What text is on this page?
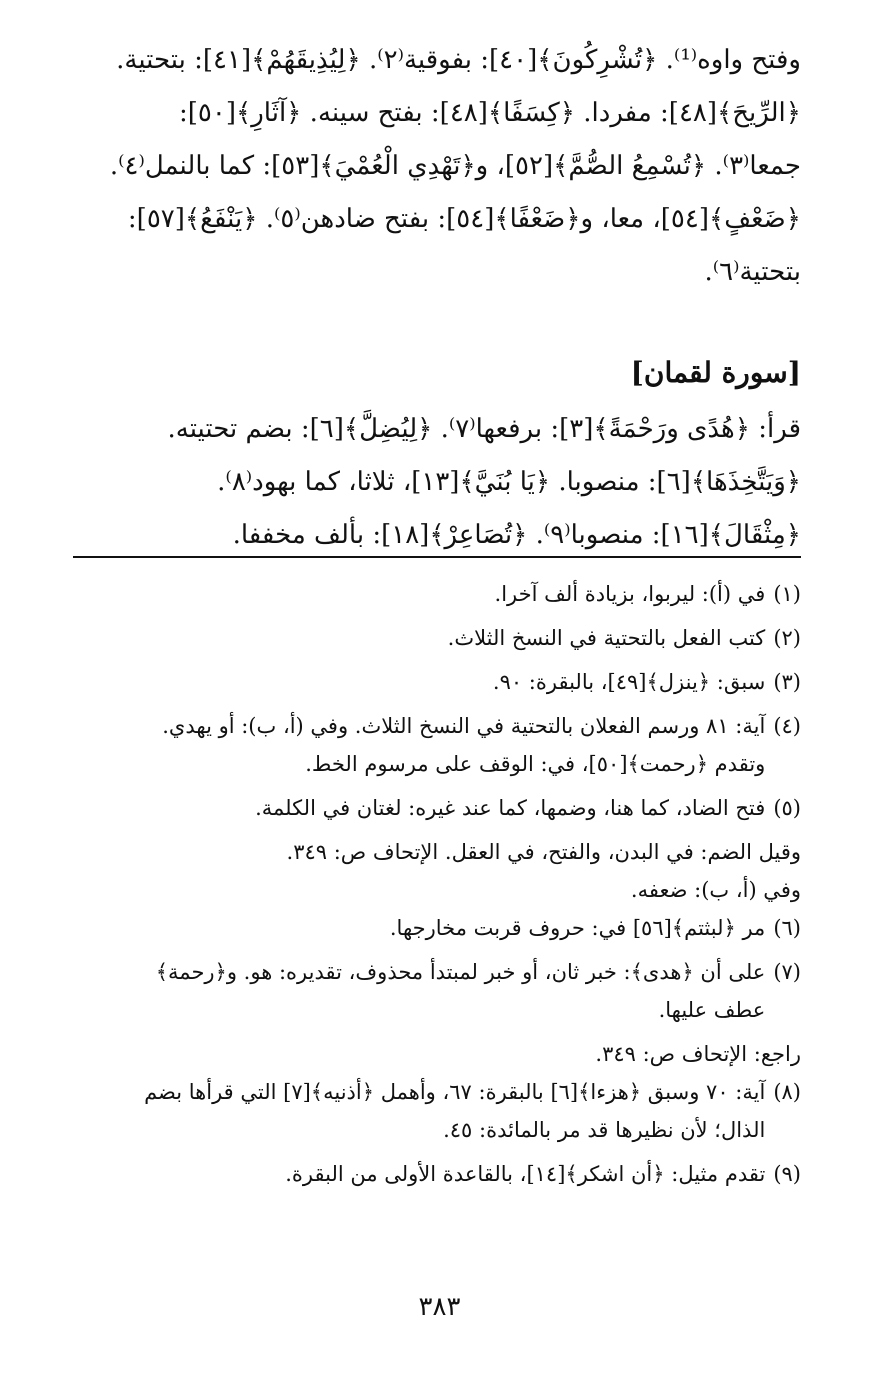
وفتح واوه⁽¹⁾. ﴿تُشْرِكُونَ﴾[٤٠]: بفوقية⁽٢⁾. ﴿لِيُذِيقَهُمْ﴾[٤١]: بتحتية.

﴿الرِّيحَ﴾[٤٨]: مفردا. ﴿كِسَفًا﴾[٤٨]: بفتح سينه. ﴿آثَارِ﴾[٥٠]:

جمعا⁽٣⁾. ﴿تُسْمِعُ الصُّمَّ﴾[٥٢]، و﴿تَهْدِي الْعُمْيَ﴾[٥٣]: كما بالنمل⁽٤⁾.

﴿ضَعْفٍ﴾[٥٤]، معا، و﴿ضَعْفًا﴾[٥٤]: بفتح ضادهن⁽٥⁾. ﴿يَنْفَعُ﴾[٥٧]:

بتحتية⁽٦⁾.

[سورة لقمان]

قرأ: ﴿هُدًى ورَحْمَةً﴾[٣]: برفعها⁽٧⁾. ﴿لِيُضِلَّ﴾[٦]: بضم تحتيته.

﴿وَيَتَّخِذَهَا﴾[٦]: منصوبا. ﴿يَا بُنَيَّ﴾[١٣]، ثلاثا، كما بهود⁽٨⁾.

﴿مِثْقَالَ﴾[١٦]: منصوبا⁽٩⁾. ﴿تُصَاعِرْ﴾[١٨]: بألف مخففا.

(١)
في (أ): ليربوا، بزيادة ألف آخرا.
(٢)
كتب الفعل بالتحتية في النسخ الثلاث.
(٣)
سبق: ﴿ينزل﴾[٤٩]، بالبقرة: ٩٠.
(٤)
آية: ٨١ ورسم الفعلان بالتحتية في النسخ الثلاث. وفي (أ، ب): أو يهدي.
وتقدم ﴿رحمت﴾[٥٠]، في: الوقف على مرسوم الخط.
(٥)
فتح الضاد، كما هنا، وضمها، كما عند غيره: لغتان في الكلمة.
وقيل الضم: في البدن، والفتح، في العقل. الإتحاف ص: ٣٤٩.
وفي (أ، ب): ضعفه.
(٦)
مر ﴿لبثتم﴾[٥٦] في: حروف قربت مخارجها.
(٧)
على أن ﴿هدى﴾: خبر ثان، أو خبر لمبتدأ محذوف، تقديره: هو. و﴿رحمة﴾
عطف عليها.
راجع: الإتحاف ص: ٣٤٩.
(٨)
آية: ٧٠ وسبق ﴿هزءا﴾[٦] بالبقرة: ٦٧، وأهمل ﴿أذنيه﴾[٧] التي قرأها بضم
الذال؛ لأن نظيرها قد مر بالمائدة: ٤٥.
(٩)
تقدم مثيل: ﴿أن اشكر﴾[١٤]، بالقاعدة الأولى من البقرة.
٣٨٣
